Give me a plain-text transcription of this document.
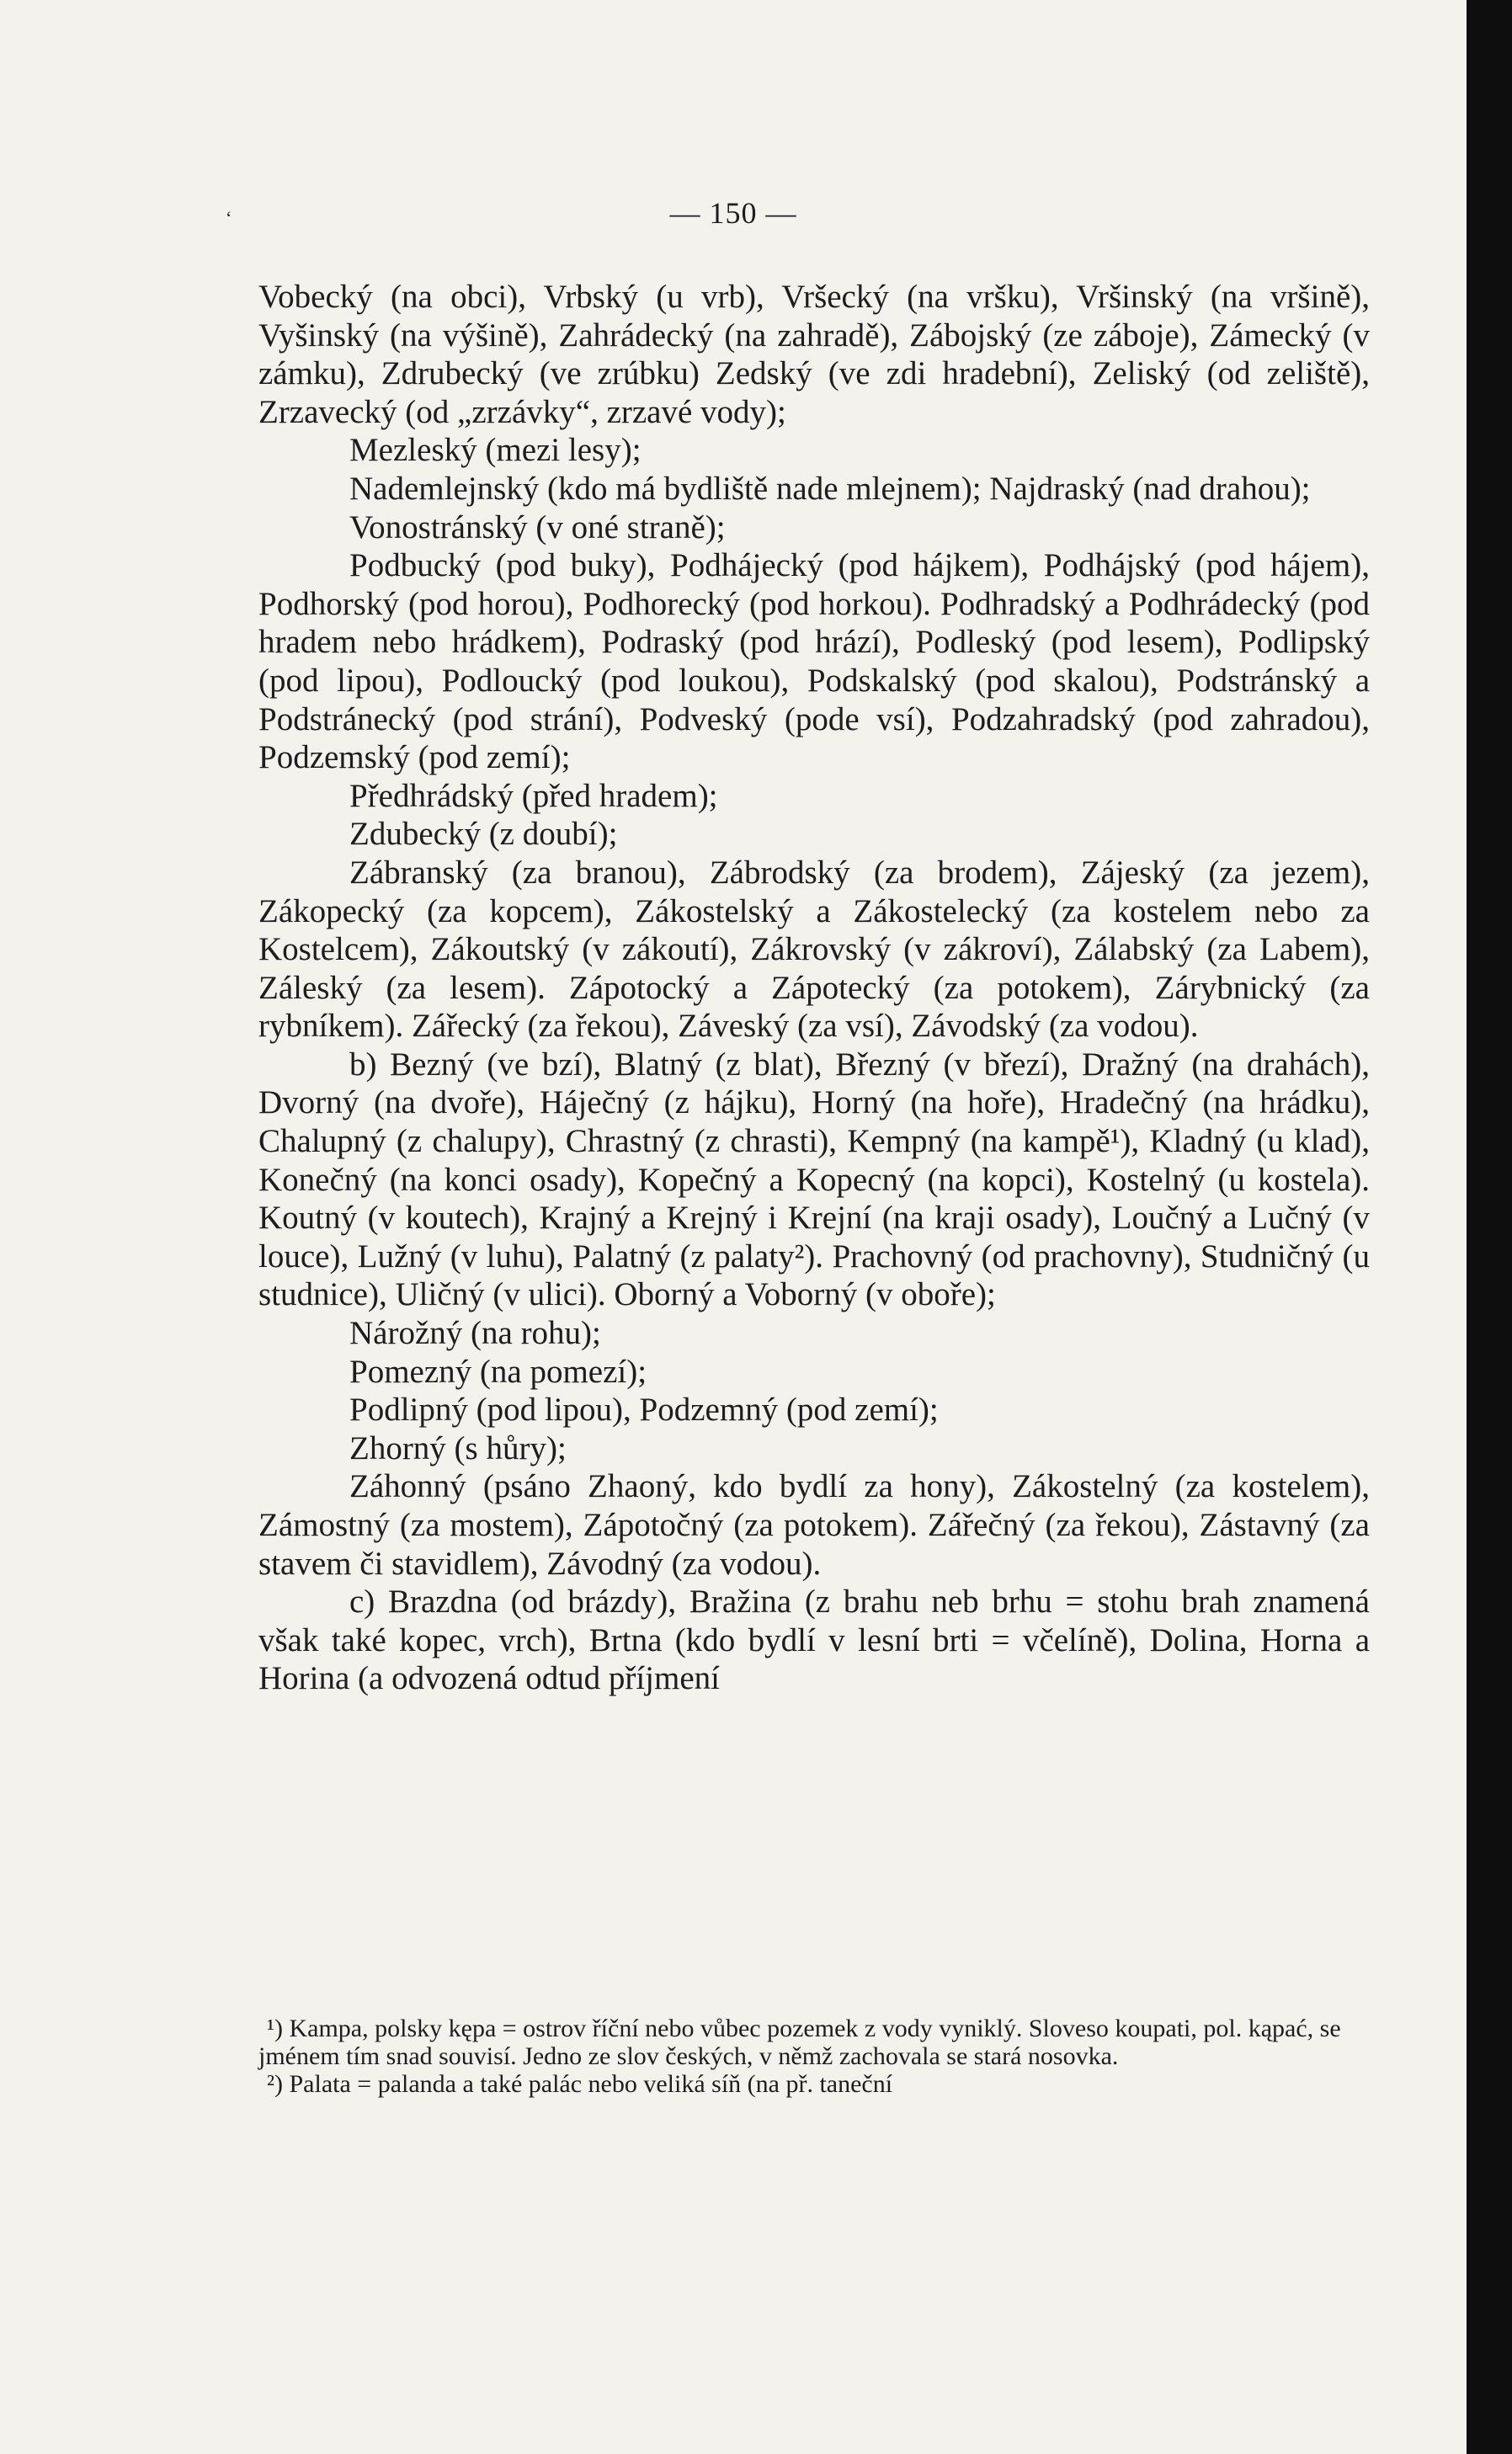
— 150 —

Vobecký (na obci), Vrbský (u vrb), Vršecký (na vršku), Vršinský (na vršině), Vyšinský (na výšině), Zahrádecký (na zahradě), Zábojský (ze záboje), Zámecký (v zámku), Zdrubecký (ve zrúbku) Zedský (ve zdi hradební), Zeliský (od zeliště), Zrzavecký (od „zrzávky“, zrzavé vody);

Mezleský (mezi lesy);

Nademlejnský (kdo má bydliště nade mlejnem); Najdraský (nad drahou);

Vonostránský (v oné straně);

Podbucký (pod buky), Podhájecký (pod hájkem), Podhájský (pod hájem), Podhorský (pod horou), Podhorecký (pod horkou). Podhradský a Podhrádecký (pod hradem nebo hrádkem), Podraský (pod hrází), Podleský (pod lesem), Podlipský (pod lipou), Podloucký (pod loukou), Podskalský (pod skalou), Podstránský a Podstránecký (pod strání), Podveský (pode vsí), Podzahradský (pod zahradou), Podzemský (pod zemí);

Předhrádský (před hradem);

Zdubecký (z doubí);

Zábranský (za branou), Zábrodský (za brodem), Zájeský (za jezem), Zákopecký (za kopcem), Zákostelský a Zákostelecký (za kostelem nebo za Kostelcem), Zákoutský (v zákoutí), Zákrovský (v zákroví), Zálabský (za Labem), Záleský (za lesem). Zápotocký a Zápotecký (za potokem), Zárybnický (za rybníkem). Zářecký (za řekou), Záveský (za vsí), Závodský (za vodou).

b) Bezný (ve bzí), Blatný (z blat), Březný (v březí), Dražný (na drahách), Dvorný (na dvoře), Háječný (z hájku), Horný (na hoře), Hradečný (na hrádku), Chalupný (z chalupy), Chrastný (z chrasti), Kempný (na kampě¹), Kladný (u klad), Konečný (na konci osady), Kopečný a Kopecný (na kopci), Kostelný (u kostela). Koutný (v koutech), Krajný a Krejný i Krejní (na kraji osady), Loučný a Lučný (v louce), Lužný (v luhu), Palatný (z palaty²). Prachovný (od prachovny), Studničný (u studnice), Uličný (v ulici). Oborný a Voborný (v oboře);

Nárožný (na rohu);

Pomezný (na pomezí);

Podlipný (pod lipou), Podzemný (pod zemí);

Zhorný (s hůry);

Záhonný (psáno Zhaoný, kdo bydlí za hony), Zákostelný (za kostelem), Zámostný (za mostem), Zápotočný (za potokem). Zářečný (za řekou), Zástavný (za stavem či stavidlem), Závodný (za vodou).

c) Brazdna (od brázdy), Bražina (z brahu neb brhu = stohu brah znamená však také kopec, vrch), Brtna (kdo bydlí v lesní brti = včelíně), Dolina, Horna a Horina (a odvozená odtud příjmení

¹) Kampa, polsky kępa = ostrov říční nebo vůbec pozemek z vody vyniklý. Sloveso koupati, pol. kąpać, se jménem tím snad souvisí. Jedno ze slov českých, v němž zachovala se stará nosovka.

²) Palata = palanda a také palác nebo veliká síň (na př. taneční

‘
